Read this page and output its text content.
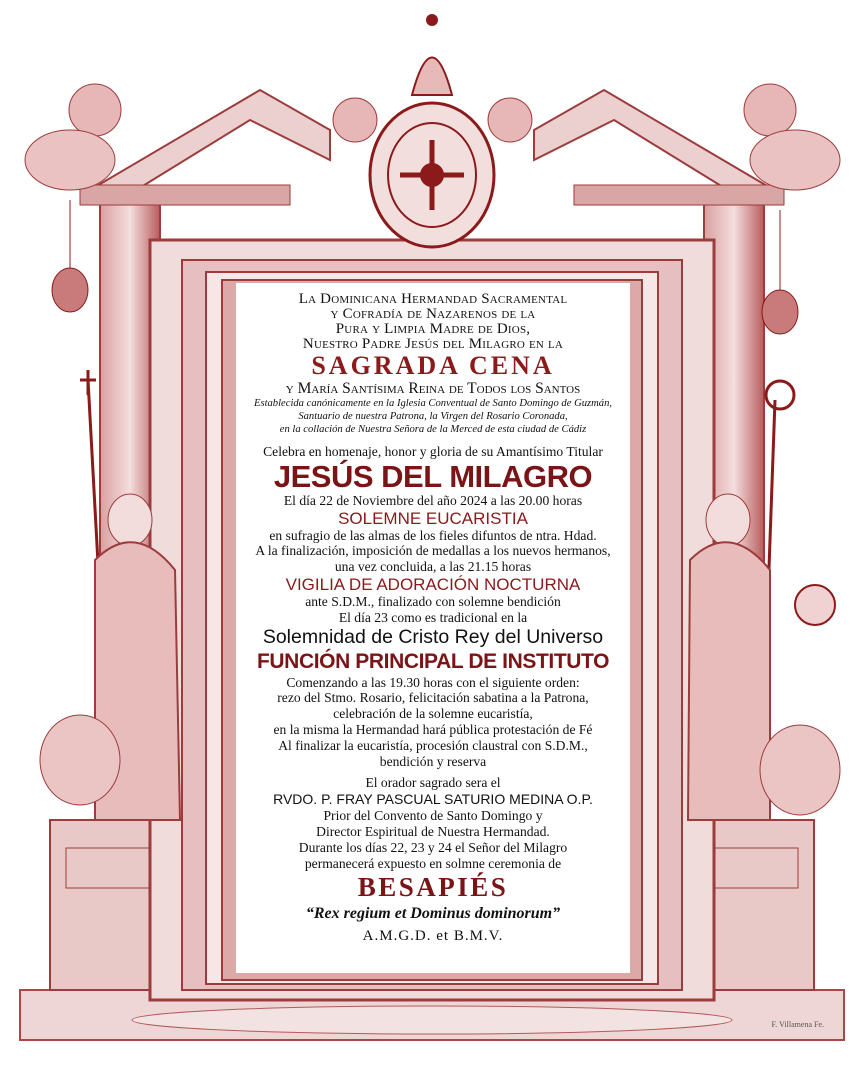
La Dominicana Hermandad Sacramental
y Cofradía de Nazarenos de la
Pura y Limpia Madre de Dios,
Nuestro Padre Jesús del Milagro en la
SAGRADA CENA
y María Santísima Reina de Todos los Santos
Establecida canónicamente en la Iglesia Conventual de Santo Domingo de Guzmán,
Santuario de nuestra Patrona, la Virgen del Rosario Coronada,
en la collación de Nuestra Señora de la Merced de esta ciudad de Cádiz
Celebra en homenaje, honor y gloria de su Amantísimo Titular
JESÚS DEL MILAGRO
El día 22 de Noviembre del año 2024 a las 20.00 horas
SOLEMNE EUCARISTIA
en sufragio de las almas de los fieles difuntos de ntra. Hdad.
A la finalización, imposición de medallas a los nuevos hermanos,
una vez concluida, a las 21.15 horas
VIGILIA DE ADORACIÓN NOCTURNA
ante S.D.M., finalizado con solemne bendición
El día 23 como es tradicional en la
Solemnidad de Cristo Rey del Universo
FUNCIÓN PRINCIPAL DE INSTITUTO
Comenzando a las 19.30 horas con el siguiente orden:
rezo del Stmo. Rosario, felicitación sabatina a la Patrona,
celebración de la solemne eucaristía,
en la misma la Hermandad hará pública protestación de Fé
Al finalizar la eucaristía, procesión claustral con S.D.M.,
bendición y reserva
El orador sagrado sera el
RVDO. P. FRAY PASCUAL SATURIO MEDINA O.P.
Prior del Convento de Santo Domingo y
Director Espiritual de Nuestra Hermandad.
Durante los días 22, 23 y 24 el Señor del Milagro
permanecerá expuesto en solmne ceremonia de
BESAPIÉS
“Rex regium et Dominus dominorum”
A.M.G.D. et B.M.V.
F. Villamena Fe.
